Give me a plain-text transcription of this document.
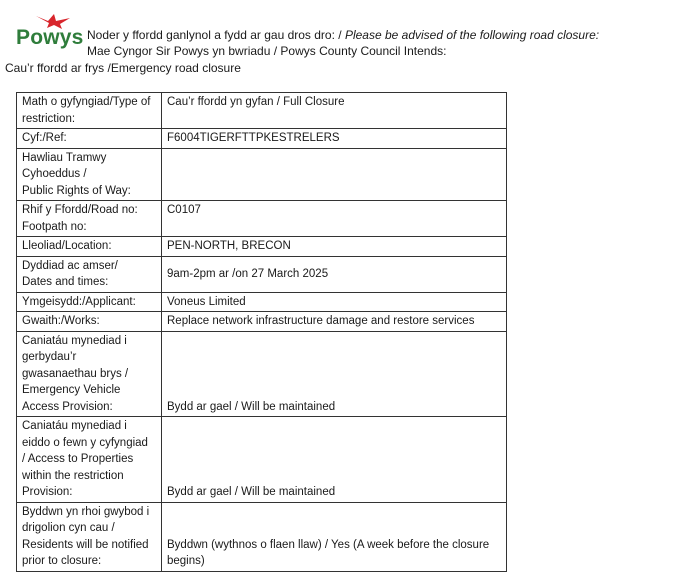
Powys Noder y ffordd ganlynol a fydd ar gau dros dro: / Please be advised of the following road closure:
Mae Cyngor Sir Powys yn bwriadu / Powys County Council Intends:
Cau’r ffordd ar frys /Emergency road closure
Math o gyfyngiad/Type of
restriction:	Cau’r ffordd yn gyfan / Full Closure

Cyf:/Ref:	F6004TIGERFTTPKESTRELERS

Hawliau Tramwy
Cyhoeddus /
Public Rights of Way:	

Rhif y Ffordd/Road no:
Footpath no:	C0107

Lleoliad/Location:	PEN-NORTH, BRECON

Dyddiad ac amser/
Dates and times:	9am-2pm ar /on 27 March 2025

Ymgeisydd:/Applicant:	Voneus Limited

Gwaith:/Works:	Replace network infrastructure damage and restore services

Caniatáu mynediad i
gerbydau’r
gwasanaethau brys /
Emergency Vehicle
Access Provision:	Bydd ar gael / Will be maintained

Caniatáu mynediad i
eiddo o fewn y cyfyngiad
/ Access to Properties
within the restriction
Provision:	Bydd ar gael / Will be maintained

Byddwn yn rhoi gwybod i
drigolion cyn cau /
Residents will be notified
prior to closure:	Byddwn (wythnos o flaen llaw) / Yes (A week before the closure begins)
